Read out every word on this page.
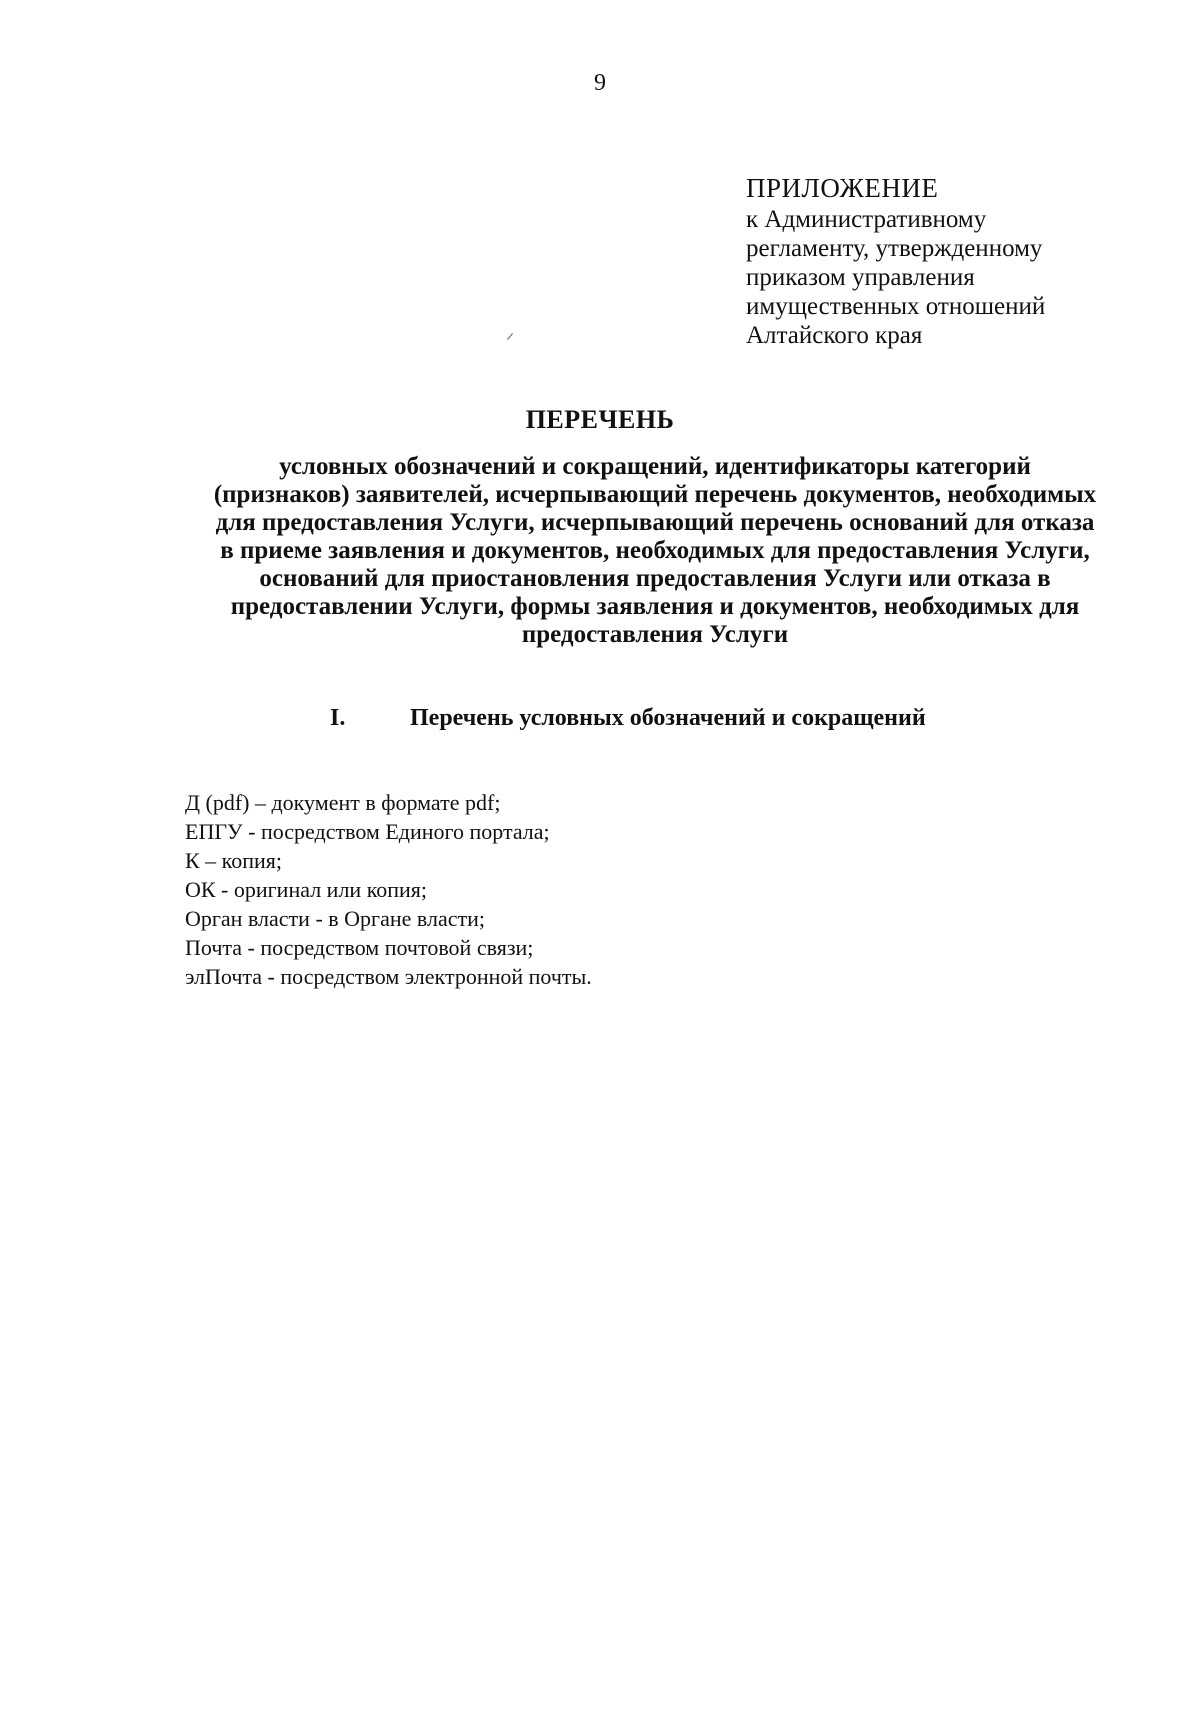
9
ПРИЛОЖЕНИЕ
к Административному
регламенту, утвержденному
приказом управления
имущественных отношений
Алтайского края
ПЕРЕЧЕНЬ
условных обозначений и сокращений, идентификаторы категорий
(признаков) заявителей, исчерпывающий перечень документов, необходимых
для предоставления Услуги, исчерпывающий перечень оснований для отказа
в приеме заявления и документов, необходимых для предоставления Услуги,
оснований для приостановления предоставления Услуги или отказа в
предоставлении Услуги, формы заявления и документов, необходимых для
предоставления Услуги
I.	Перечень условных обозначений и сокращений
Д (pdf) – документ в формате pdf;
ЕПГУ - посредством Единого портала;
К – копия;
ОК - оригинал или копия;
Орган власти - в Органе власти;
Почта - посредством почтовой связи;
элПочта - посредством электронной почты.
